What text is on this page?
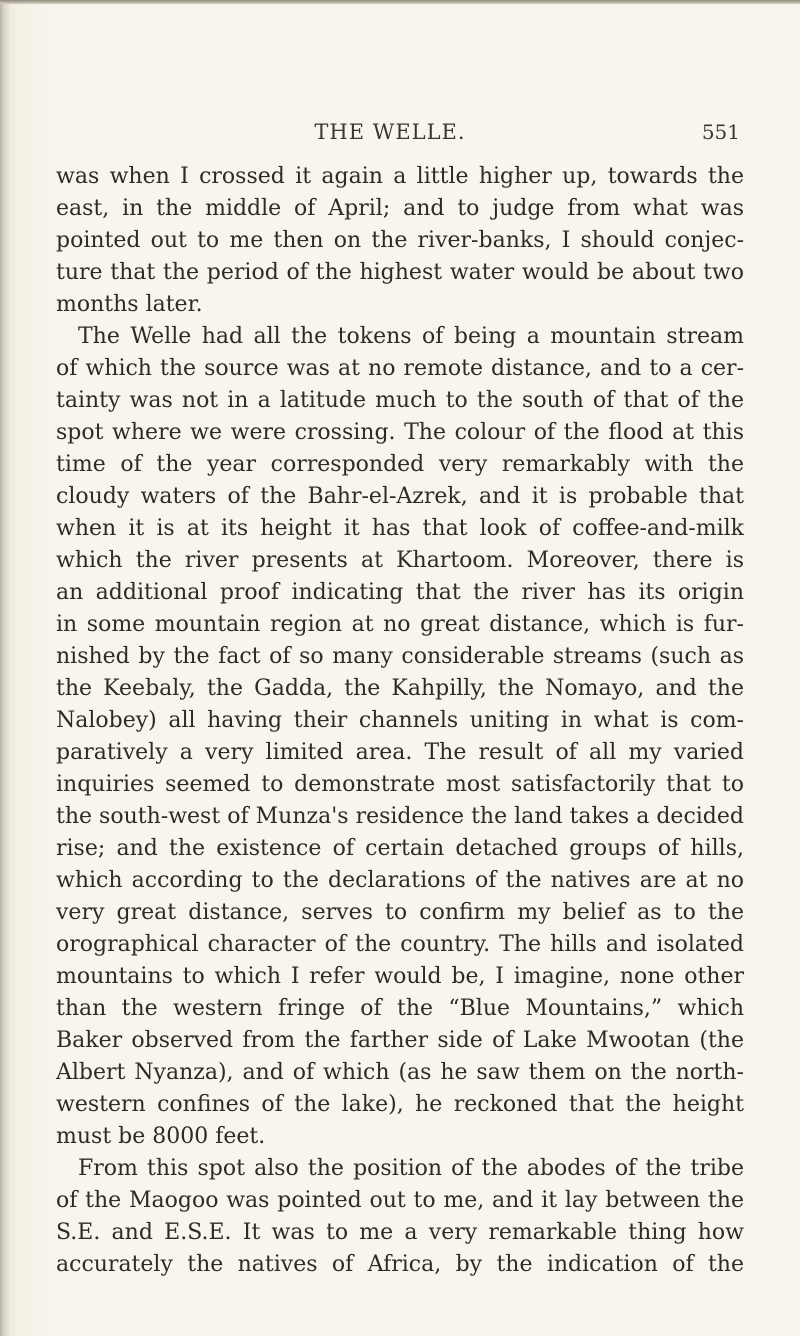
THE WELLE.	551
was when I crossed it again a little higher up, towards the
east, in the middle of April; and to judge from what was
pointed out to me then on the river-banks, I should conjec-
ture that the period of the highest water would be about two
months later.
The Welle had all the tokens of being a mountain stream
of which the source was at no remote distance, and to a cer-
tainty was not in a latitude much to the south of that of the
spot where we were crossing. The colour of the flood at this
time of the year corresponded very remarkably with the
cloudy waters of the Bahr-el-Azrek, and it is probable that
when it is at its height it has that look of coffee-and-milk
which the river presents at Khartoom. Moreover, there is
an additional proof indicating that the river has its origin
in some mountain region at no great distance, which is fur-
nished by the fact of so many considerable streams (such as
the Keebaly, the Gadda, the Kahpilly, the Nomayo, and the
Nalobey) all having their channels uniting in what is com-
paratively a very limited area. The result of all my varied
inquiries seemed to demonstrate most satisfactorily that to
the south-west of Munza's residence the land takes a decided
rise; and the existence of certain detached groups of hills,
which according to the declarations of the natives are at no
very great distance, serves to confirm my belief as to the
orographical character of the country. The hills and isolated
mountains to which I refer would be, I imagine, none other
than the western fringe of the “Blue Mountains,” which
Baker observed from the farther side of Lake Mwootan (the
Albert Nyanza), and of which (as he saw them on the north-
western confines of the lake), he reckoned that the height
must be 8000 feet.
From this spot also the position of the abodes of the tribe
of the Maogoo was pointed out to me, and it lay between the
S.E. and E.S.E. It was to me a very remarkable thing how
accurately the natives of Africa, by the indication of the
